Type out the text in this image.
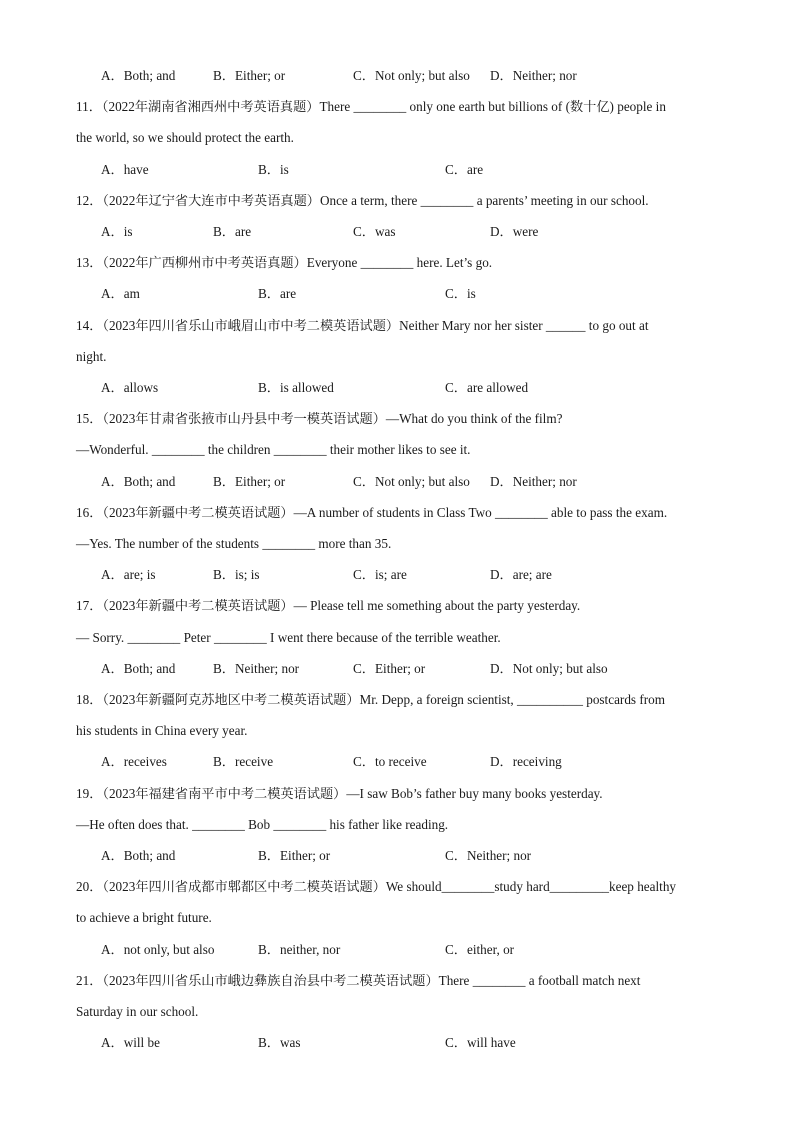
A．Both; and	B．Either; or	C．Not only; but also D．Neither; nor
11．（2022年湖南省湘西州中考英语真题）There ________ only one earth but billions of (数十亿) people in
the world, so we should protect the earth.
A．have	B．is	C．are
12．（2022年辽宁省大连市中考英语真题）Once a term, there ________ a parents’ meeting in our school.
A．is	B．are	C．was	D．were
13．（2022年广西柳州市中考英语真题）Everyone ________ here. Let’s go.
A．am	B．are	C．is
14．（2023年四川省乐山市峨眉山市中考二模英语试题）Neither Mary nor her sister ______ to go out at
night.
A．allows	B．is allowed	C．are allowed
15．（2023年甘肃省张掖市山丹县中考一模英语试题）—What do you think of the film?
—Wonderful. ________ the children ________ their mother likes to see it.
A．Both; and	B．Either; or	C．Not only; but also D．Neither; nor
16．（2023年新疆中考二模英语试题）—A number of students in Class Two ________ able to pass the exam.
—Yes. The number of the students ________ more than 35.
A．are; is	B．is; is	C．is; are	D．are; are
17．（2023年新疆中考二模英语试题）— Please tell me something about the party yesterday.
— Sorry. ________ Peter ________ I went there because of the terrible weather.
A．Both; and	B．Neither; nor	C．Either; or	D．Not only; but also
18．（2023年新疆阿克苏地区中考二模英语试题）Mr. Depp, a foreign scientist, __________ postcards from
his students in China every year.
A．receives	B．receive	C．to receive	D．receiving
19．（2023年福建省南平市中考二模英语试题）—I saw Bob’s father buy many books yesterday.
—He often does that. ________ Bob ________ his father like reading.
A．Both; and	B．Either; or	C．Neither; nor
20．（2023年四川省成都市郫都区中考二模英语试题）We should________study hard_________keep healthy
to achieve a bright future.
A．not only, but also	B．neither, nor	C．either, or
21．（2023年四川省乐山市峨边彝族自治县中考二模英语试题）There ________ a football match next
Saturday in our school.
A．will be	B．was	C．will have
